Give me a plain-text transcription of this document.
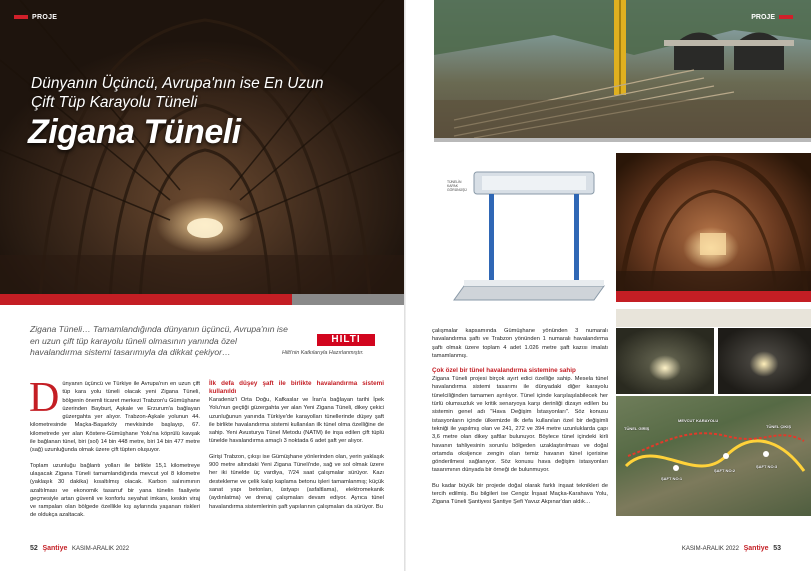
PROJE
Dünyanın Üçüncü, Avrupa'nın ise En Uzun Çift Tüp Karayolu Tüneli
Zigana Tüneli
Zigana Tüneli… Tamamlandığında dünyanın üçüncü, Avrupa'nın ise en uzun çift tüp karayolu tüneli olmasının yanında özel havalandırma sistemi tasarımıyla da dikkat çekiyor…
HILTI
Hilti'nin Katkılarıyla Hazırlanmıştır.

Dünyanın üçüncü ve Türkiye ile Avrupa'nın en uzun çift tüp kara yolu tüneli olacak yeni Zigana Tüneli, bölgenin önemli ticaret merkezi Trabzon'u Gümüşhane üzerinden Bayburt, Aşkale ve Erzurum'a bağlayan güzergahta yer alıyor. Trabzon-Aşkale yolunun 44. kilometresinde Maçka-Başarköy mevkisinde başlayıp, 67. kilometrede yer alan Köstere-Gümüşhane Yolu'na köprülü kavşak ile bağlanan tünel, biri (sol) 14 bin 448 metre, biri 14 bin 477 metre (sağ) uzunluğunda olmak üzere çift tüpten oluşuyor.

Toplam uzunluğu bağlantı yolları ile birlikte 15,1 kilometreye ulaşacak Zigana Tüneli tamamlandığında mevcut yol 8 kilometre (yaklaşık 30 dakika) kısaltılmış olacak. Karbon salınımının azaltılması ve ekonomik tasarruf bir yana tünelin faaliyete geçmesiyle artan güvenli ve konforlu seyahat imkanı, keskin viraj ve rampaları olan bölgede özellikle kış aylarında yaşanan riskleri de oldukça azaltacak.

İlk defa düşey şaft ile birlikte havalandırma sistemi kullanıldı

Karadeniz'i Orta Doğu, Kafkaslar ve İran'a bağlayan tarihi İpek Yolu'nun geçtiği güzergahta yer alan Yeni Zigana Tüneli, dikey çekici uzunluğunun yanında Türkiye'de karayolları tünellerinde düşey şaft ile birlikte havalandırma sistemi kullanılan ilk tünel olma özelliğine de sahip. Yeni Avusturya Tünel Metodu (NATM) ile inşa edilen çift tüplü tünelde havalandırma amaçlı 3 noktada 6 adet şaft yer alıyor.

Girişi Trabzon, çıkışı ise Gümüşhane yönlerinden olan, yerin yaklaşık 900 metre altındaki Yeni Zigana Tüneli'nde, sağ ve sol olmak üzere her iki tünelde üç vardiya, 7/24 saat çalışmalar sürüyor. Kazı destekleme ve çelik kalıp kaplama betonu işleri tamamlanmış; küçük sanat yapı betonları, üstyapı (asfaltlama), elektromekanik (aydınlatma) ve drenaj çalışmaları devam ediyor. Ayrıca tünel havalandırma sistemlerinin şaft yapılarının çalışmaları da sürüyor. Bu

52 Şantiye KASIM-ARALIK 2022
PROJE
TÜNELİN KAPAK GÖRÜNÜŞÜ
TÜNEL GİRİŞ
MEVCUT KARAYOLU
TÜNEL ÇIKIŞ
ŞAFT NO:1
ŞAFT NO:2
ŞAFT NO:3

çalışmalar kapsamında Gümüşhane yönünden 3 numaralı havalandırma şaftı ve Trabzon yönünden 1 numaralı havalandırma şaftı olmak üzere toplam 4 adet 1.026 metre şaft kazısı imalatı tamamlanmış.

Çok özel bir tünel havalandırma sistemine sahip

Zigana Tüneli projesi birçok ayırt edici özelliğe sahip. Mesela tünel havalandırma sistemi tasarımı ile dünyadaki diğer karayolu tünelciliğinden tamamen ayrılıyor. Tünel içinde karşılaşılabilecek her türlü olumsuzluk ve kritik senaryoya karşı derinliği dizayn edilen bu sistemin genel adı "Hava Değişim İstasyonları". Söz konusu istasyonların içinde ülkemizde ilk defa kullanılan özel bir değişimli tekniği ile yapılmış olan ve 241, 272 ve 394 metre uzunluklarda çapı 3,6 metre olan dikey şaftlar bulunuyor. Böylece tünel içindeki kirli havanın tahliyesinin sorunlu bölgeden uzaklaştırılması ve doğal ortamda oksijence zengin olan temiz havanın tünel içerisine gönderilmesi sağlanıyor. Söz konusu hava değişim istasyonları tasarımının dünyada bir örneği de bulunmuyor.

Bu kadar büyük bir projede doğal olarak farklı inşaat teknikleri de tercih edilmiş. Bu bilgileri ise Cengiz İnşaat Maçka-Karahava Yolu, Zigana Tüneli Şantiyesi Şantiye Şefi Yavuz Akpınar'dan aldık…

KASIM-ARALIK 2022 Şantiye 53
